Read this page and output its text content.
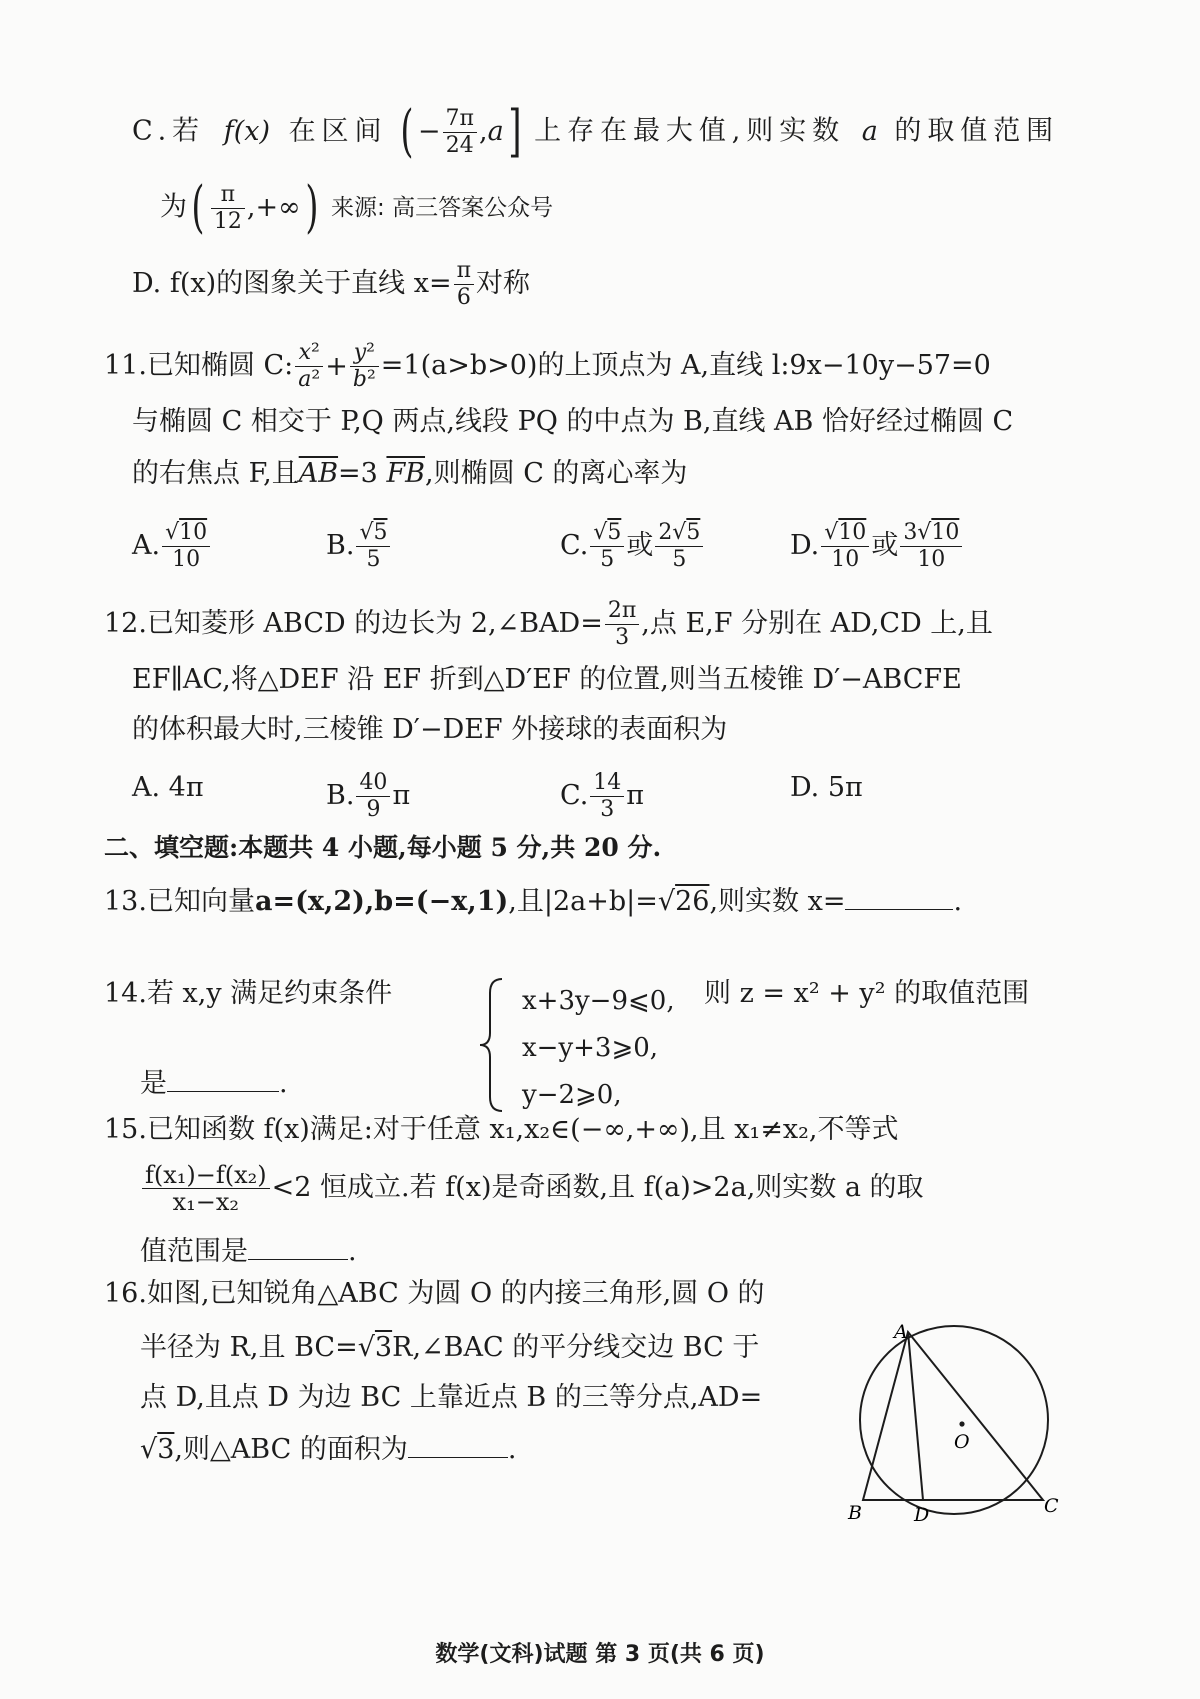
C.若 f(x) 在区间 ( − $\frac{7\pi}{24} ,a$] 上存在最大值,则实数 a 的取值范围
为( $\frac{\pi}{12}$ ,+∞) 来源: 高三答案公众号
D. f(x)的图象关于直线 $x= \frac{\pi}{6}$ 对称
11.已知椭圆 C: $\frac{\text{x²}}{\text{a²}} + \frac{\text{y²}}{\text{b²}} =1(a>b>0)$的上顶点为 A,直线 l:9x−10y−57=0
与椭圆 C 相交于 P,Q 两点,线段 PQ 的中点为 B,直线 AB 恰好经过椭圆 C
的右焦点 F,且$\overline{AB}=3$ $\overline{FB}$,则椭圆 C 的离心率为
A. $\frac{√10}{10}$	B. $\frac{√5}{5}$	C. $\frac{√5}{5}$ 或 $\frac{2√5}{5}$	D. $\frac{√10}{10}$ 或 $\frac{3√10}{10}$
12.已知菱形 ABCD 的边长为 2,∠BAD= $\frac{2\pi}{3}$ ,点 E,F 分别在 AD,CD 上,且
EF∥AC,将△DEF 沿 EF 折到△D′EF 的位置,则当五棱锥 D′−ABCFE
的体积最大时,三棱锥 D′−DEF 外接球的表面积为
A. 4π	B. $\frac{40}{9}$ π	C. $\frac{14}{3}$ π	D. 5π
二、填空题:本题共 4 小题,每小题 5 分,共 20 分.
13.已知向量a=(x,2),b=(−x,1),且|2a+b|=√26,则实数 x=	.
14.若 x,y 满足约束条件	x+3y−9⩽0,
x−y+3⩾0,
y−2⩾0,
则 z = x² + y² 的取值范围
是	.
15.已知函数 f(x)满足:对于任意 x₁,x₂∈(−∞,+∞),且 x₁≠x₂,不等式
$\frac{\text{f(x₁)−f(x₂)}}{\text{x₁−x₂}} <2$ 恒成立.若 f(x)是奇函数,且 f(a)>2a,则实数 a 的取
值范围是	.
16.如图,已知锐角△ABC 为圆 O 的内接三角形,圆 O 的
半径为 R,且 BC=√3R,∠BAC 的平分线交边 BC 于
点 D,且点 D 为边 BC 上靠近点 B 的三等分点,AD=
√3,则△ABC 的面积为	.
B	D	C
A
O
数学(文科)试题 第 3 页(共 6 页)
